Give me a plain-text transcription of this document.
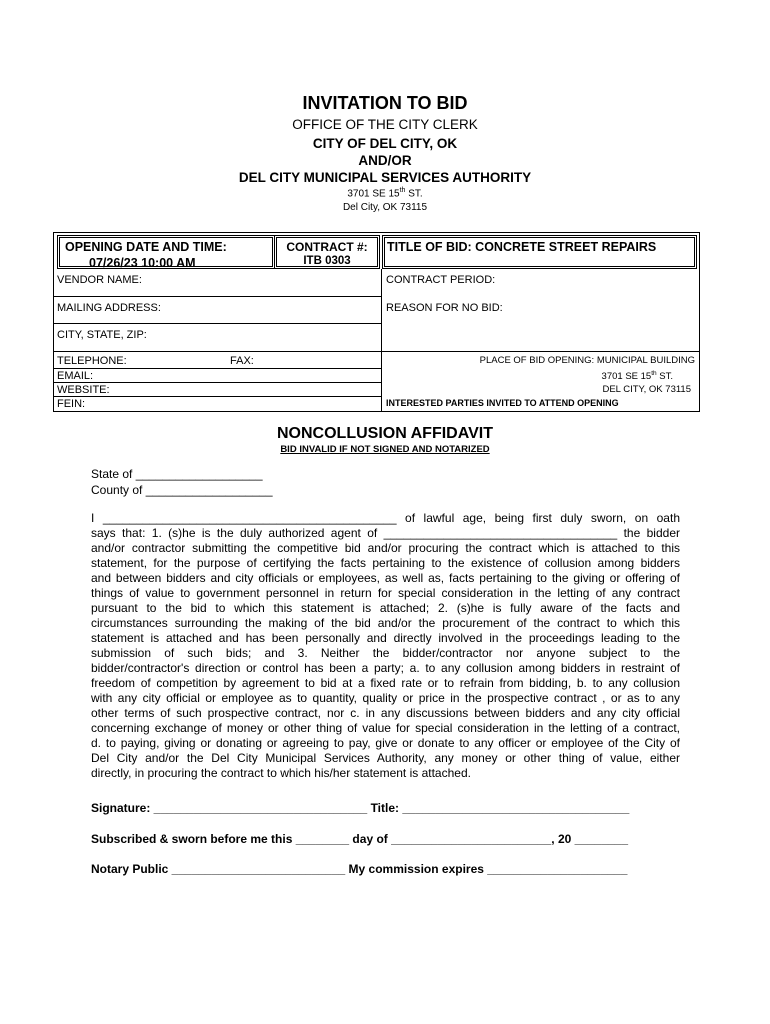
INVITATION TO BID
OFFICE OF THE CITY CLERK
CITY OF DEL CITY, OK
AND/OR
DEL CITY MUNICIPAL SERVICES AUTHORITY
3701 SE 15th ST.
Del City, OK 73115
OPENING DATE AND TIME:
07/26/23 10:00 AM
CONTRACT #:
ITB 0303
TITLE OF BID: CONCRETE STREET REPAIRS
VENDOR NAME:
MAILING ADDRESS:
CITY, STATE, ZIP:
TELEPHONE:	FAX:
EMAIL:
WEBSITE:
FEIN:
CONTRACT PERIOD:
REASON FOR NO BID:
PLACE OF BID OPENING: MUNICIPAL BUILDING
3701 SE 15th ST.
DEL CITY, OK 73115
INTERESTED PARTIES INVITED TO ATTEND OPENING
NONCOLLUSION AFFIDAVIT
BID INVALID IF NOT SIGNED AND NOTARIZED
State of ___________________
County of ___________________
I ____________________________________________ of lawful age, being first duly sworn, on oath
says that: 1. (s)he is the duly authorized agent of ___________________________________ the bidder
and/or contractor submitting the competitive bid and/or procuring the contract which is attached to this
statement, for the purpose of certifying the facts pertaining to the existence of collusion among bidders
and between bidders and city officials or employees, as well as, facts pertaining to the giving or offering of
things of value to government personnel in return for special consideration in the letting of any contract
pursuant to the bid to which this statement is attached; 2. (s)he is fully aware of the facts and
circumstances surrounding the making of the bid and/or the procurement of the contract to which this
statement is attached and has been personally and directly involved in the proceedings leading to the
submission of such bids; and 3. Neither the bidder/contractor nor anyone subject to the
bidder/contractor's direction or control has been a party; a. to any collusion among bidders in restraint of
freedom of competition by agreement to bid at a fixed rate or to refrain from bidding, b. to any collusion
with any city official or employee as to quantity, quality or price in the prospective contract , or as to any
other terms of such prospective contract, nor c. in any discussions between bidders and any city official
concerning exchange of money or other thing of value for special consideration in the letting of a contract,
d. to paying, giving or donating or agreeing to pay, give or donate to any officer or employee of the City of
Del City and/or the Del City Municipal Services Authority, any money or other thing of value, either
directly, in procuring the contract to which his/her statement is attached.
Signature: ________________________________ Title: __________________________________
Subscribed & sworn before me this ________ day of ________________________, 20 ________
Notary Public __________________________ My commission expires _____________________
